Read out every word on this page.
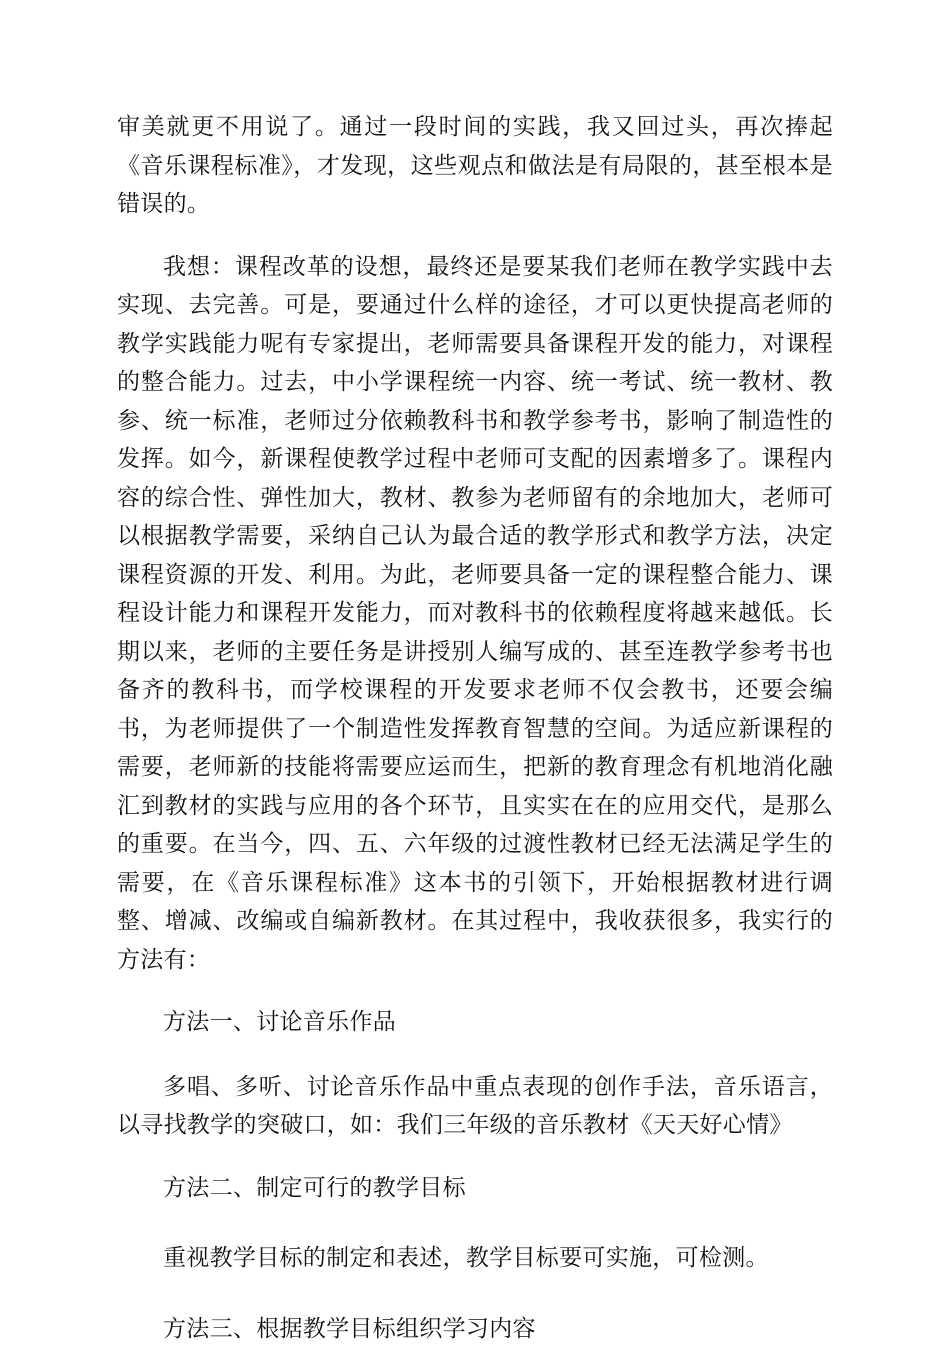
审美就更不用说了。通过一段时间的实践，我又回过头，再次捧起《音乐课程标准》，才发现，这些观点和做法是有局限的，甚至根本是错误的。

我想：课程改革的设想，最终还是要某我们老师在教学实践中去实现、去完善。可是，要通过什么样的途径，才可以更快提高老师的教学实践能力呢有专家提出，老师需要具备课程开发的能力，对课程的整合能力。过去，中小学课程统一内容、统一考试、统一教材、教参、统一标准，老师过分依赖教科书和教学参考书，影响了制造性的发挥。如今，新课程使教学过程中老师可支配的因素增多了。课程内容的综合性、弹性加大，教材、教参为老师留有的余地加大，老师可以根据教学需要，采纳自己认为最合适的教学形式和教学方法，决定课程资源的开发、利用。为此，老师要具备一定的课程整合能力、课程设计能力和课程开发能力，而对教科书的依赖程度将越来越低。长期以来，老师的主要任务是讲授别人编写成的、甚至连教学参考书也备齐的教科书，而学校课程的开发要求老师不仅会教书，还要会编书，为老师提供了一个制造性发挥教育智慧的空间。为适应新课程的需要，老师新的技能将需要应运而生，把新的教育理念有机地消化融汇到教材的实践与应用的各个环节，且实实在在的应用交代，是那么的重要。在当今，四、五、六年级的过渡性教材已经无法满足学生的需要，在《音乐课程标准》这本书的引领下，开始根据教材进行调整、增减、改编或自编新教材。在其过程中，我收获很多，我实行的方法有：

方法一、讨论音乐作品

多唱、多听、讨论音乐作品中重点表现的创作手法，音乐语言，以寻找教学的突破口，如：我们三年级的音乐教材《天天好心情》

方法二、制定可行的教学目标

重视教学目标的制定和表述，教学目标要可实施，可检测。

方法三、根据教学目标组织学习内容
